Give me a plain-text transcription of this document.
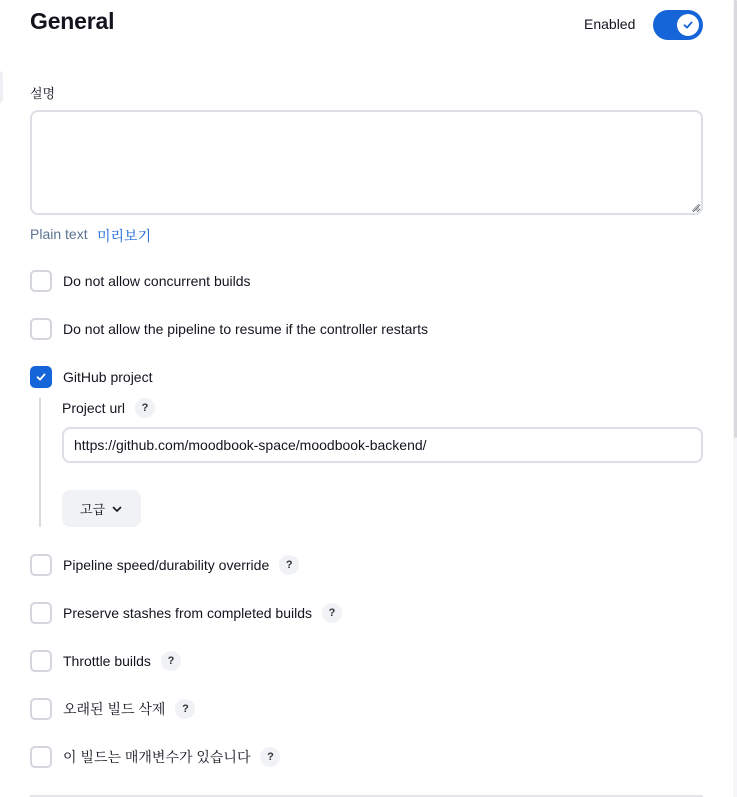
General	Enabled
설명
Plain text 미리보기
Do not allow concurrent builds
Do not allow the pipeline to resume if the controller restarts
GitHub project
Project url	?
https://github.com/moodbook-space/moodbook-backend/
고급
Pipeline speed/durability override	?
Preserve stashes from completed builds	?
Throttle builds	?
오래된 빌드 삭제	?
이 빌드는 매개변수가 있습니다	?
